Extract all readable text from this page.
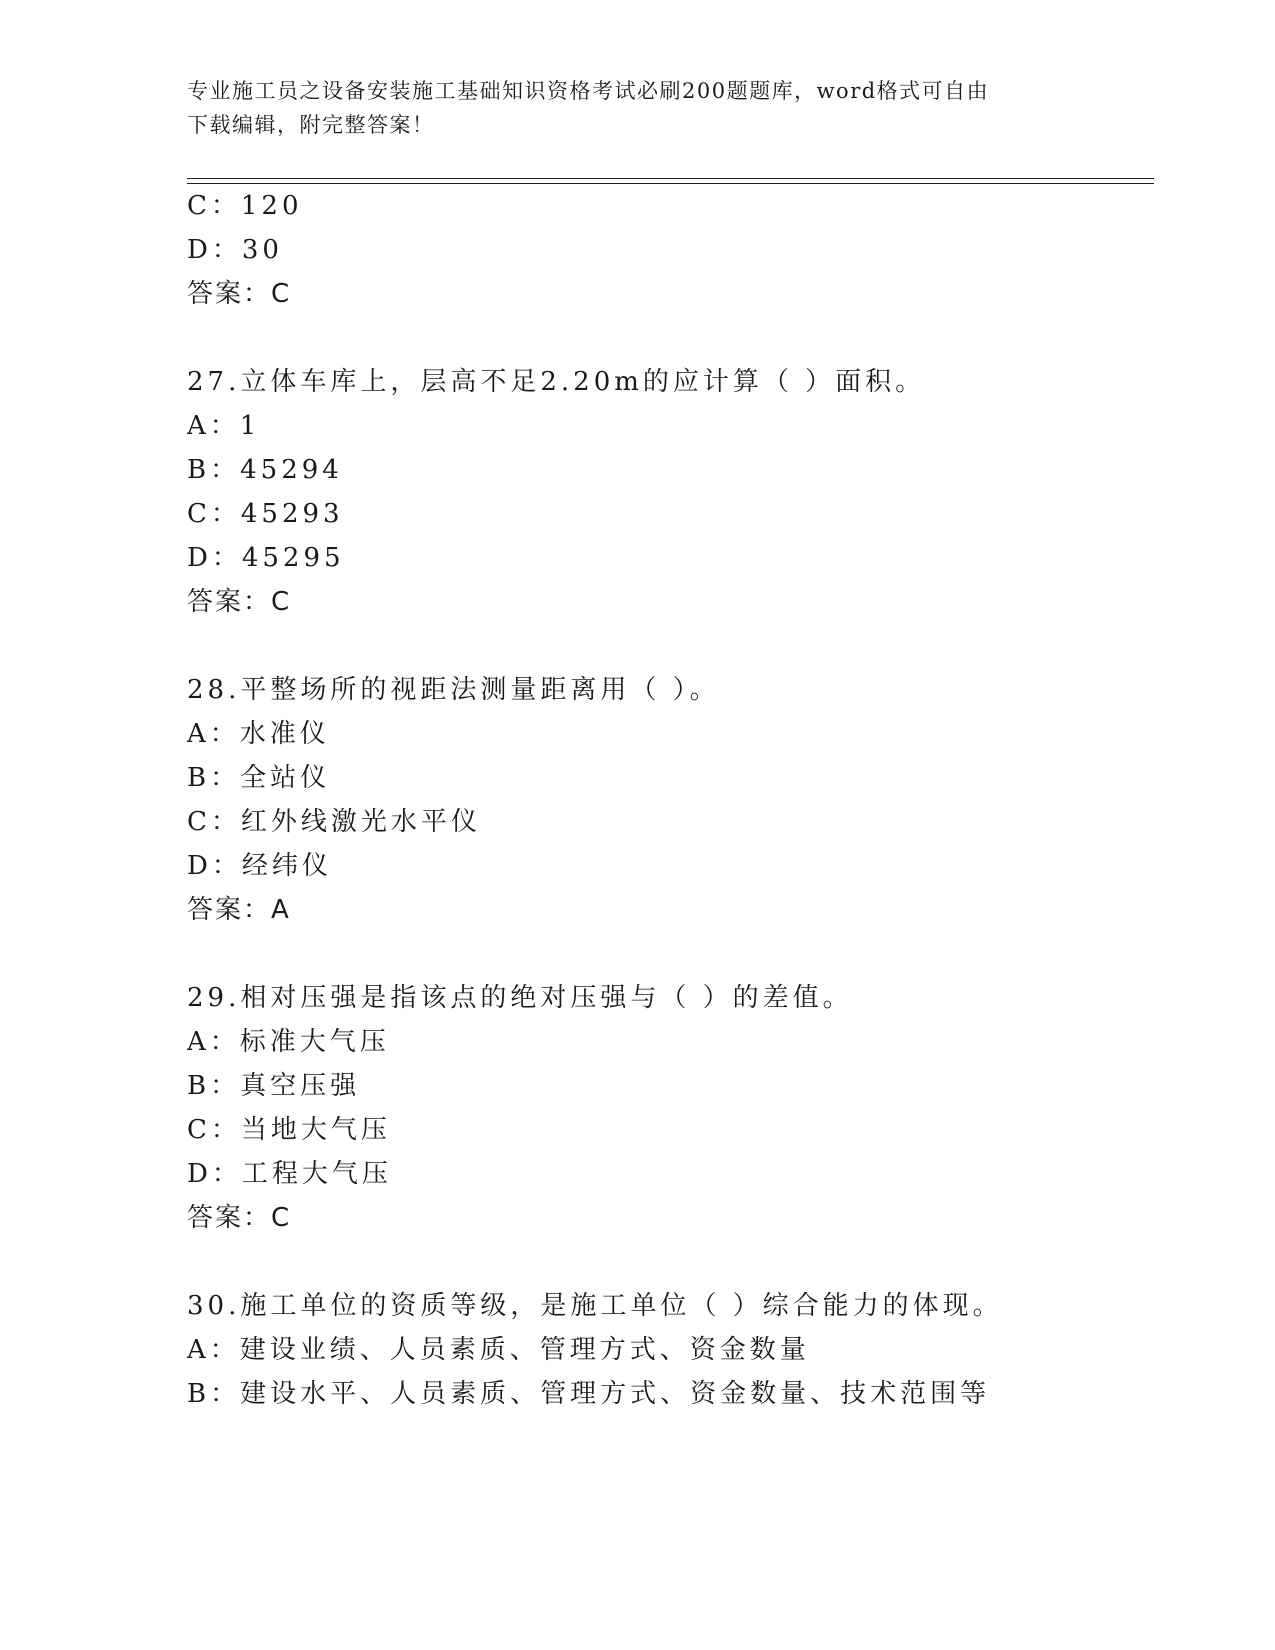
专业施工员之设备安装施工基础知识资格考试必刷200题题库，word格式可自由
下载编辑，附完整答案！
C：120
D：30
答案：C
27.立体车库上，层高不足2.20m的应计算（ ）面积。
A：1
B：45294
C：45293
D：45295
答案：C
28.平整场所的视距法测量距离用（ ）。
A：水准仪
B：全站仪
C：红外线激光水平仪
D：经纬仪
答案：A
29.相对压强是指该点的绝对压强与（ ）的差值。
A：标准大气压
B：真空压强
C：当地大气压
D：工程大气压
答案：C
30.施工单位的资质等级，是施工单位（ ）综合能力的体现。
A：建设业绩、人员素质、管理方式、资金数量
B：建设水平、人员素质、管理方式、资金数量、技术范围等
